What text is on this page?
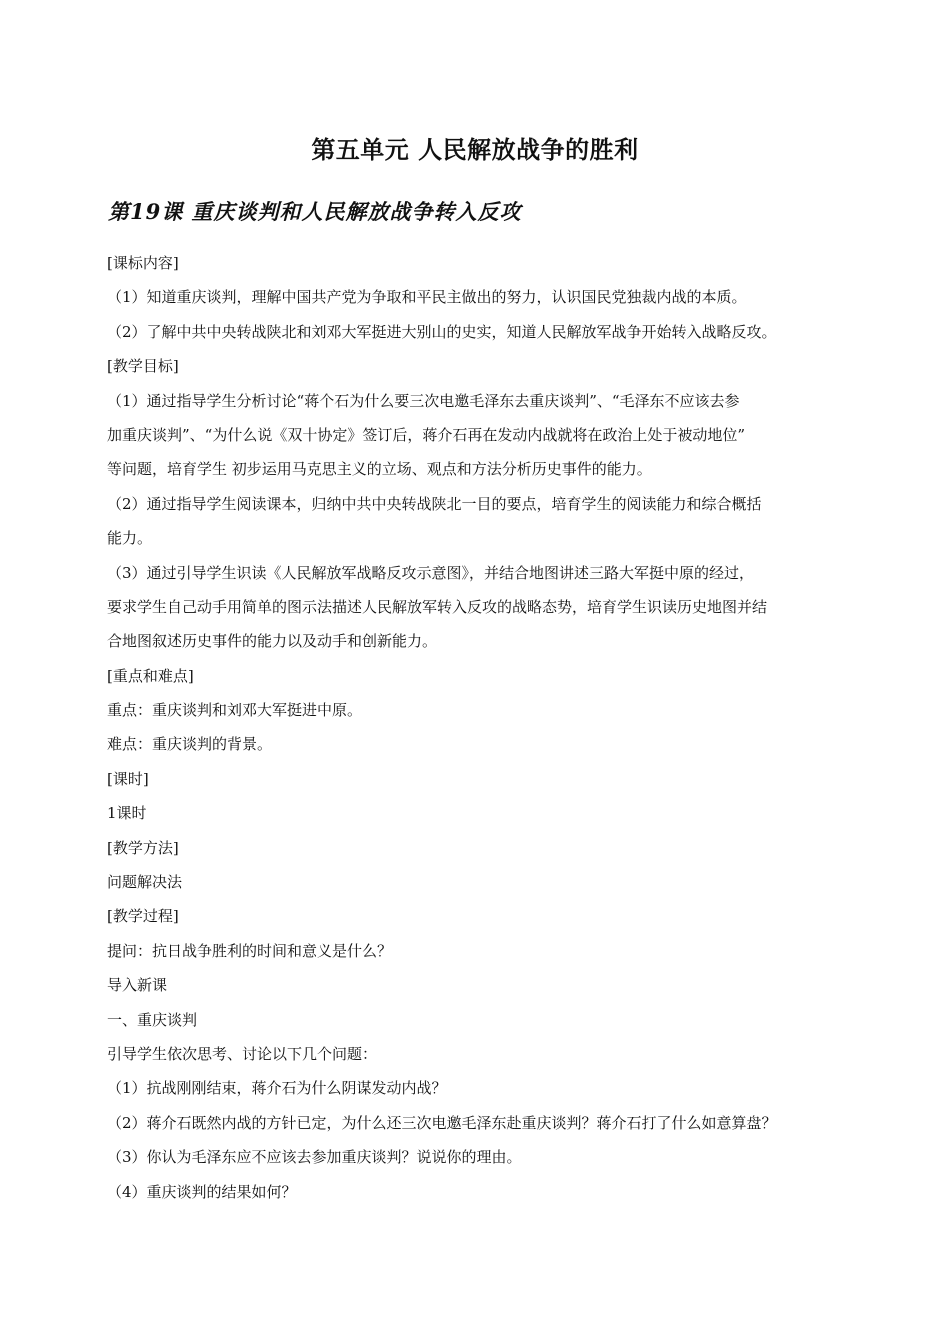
第五单元 人民解放战争的胜利
第19课 重庆谈判和人民解放战争转入反攻
[课标内容]
（1）知道重庆谈判，理解中国共产党为争取和平民主做出的努力，认识国民党独裁内战的本质。
（2）了解中共中央转战陕北和刘邓大军挺进大别山的史实，知道人民解放军战争开始转入战略反攻。
[教学目标]
（1）通过指导学生分析讨论“蒋个石为什么要三次电邀毛泽东去重庆谈判”、“毛泽东不应该去参
加重庆谈判”、“为什么说《双十协定》签订后，蒋介石再在发动内战就将在政治上处于被动地位”
等问题，培育学生 初步运用马克思主义的立场、观点和方法分析历史事件的能力。
（2）通过指导学生阅读课本，归纳中共中央转战陕北一目的要点，培育学生的阅读能力和综合概括
能力。
（3）通过引导学生识读《人民解放军战略反攻示意图》，并结合地图讲述三路大军挺中原的经过，
要求学生自己动手用简单的图示法描述人民解放军转入反攻的战略态势，培育学生识读历史地图并结
合地图叙述历史事件的能力以及动手和创新能力。
[重点和难点]
重点：重庆谈判和刘邓大军挺进中原。
难点：重庆谈判的背景。
[课时]
1课时
[教学方法]
问题解决法
[教学过程]
提问：抗日战争胜利的时间和意义是什么？
导入新课
一、重庆谈判
引导学生依次思考、讨论以下几个问题：
（1）抗战刚刚结束，蒋介石为什么阴谋发动内战？
（2）蒋介石既然内战的方针已定，为什么还三次电邀毛泽东赴重庆谈判？蒋介石打了什么如意算盘？
（3）你认为毛泽东应不应该去参加重庆谈判？说说你的理由。
（4）重庆谈判的结果如何？
